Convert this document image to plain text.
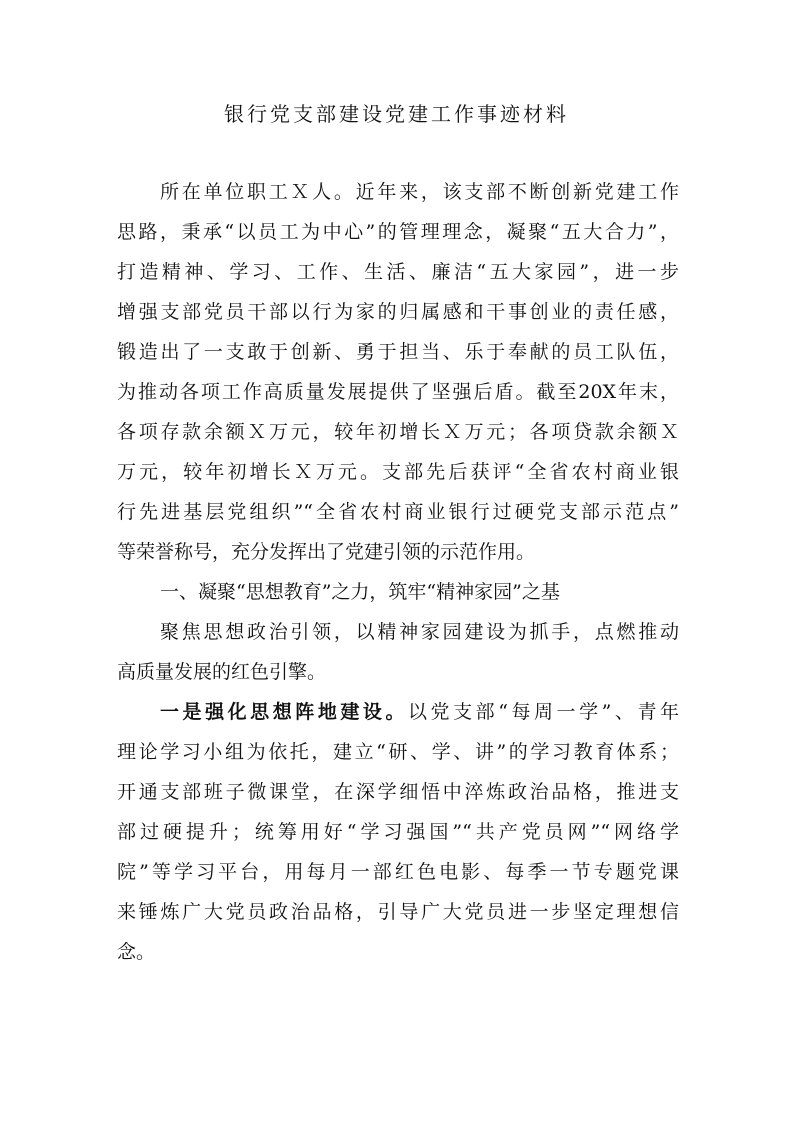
银行党支部建设党建工作事迹材料
所在单位职工Ｘ人。近年来，该支部不断创新党建工作
思路，秉承“以员工为中心”的管理理念，凝聚“五大合力”，
打造精神、学习、工作、生活、廉洁“五大家园”，进一步
增强支部党员干部以行为家的归属感和干事创业的责任感，
锻造出了一支敢于创新、勇于担当、乐于奉献的员工队伍，
为推动各项工作高质量发展提供了坚强后盾。截至20X年末，
各项存款余额Ｘ万元，较年初增长Ｘ万元；各项贷款余额Ｘ
万元，较年初增长Ｘ万元。支部先后获评“全省农村商业银
行先进基层党组织”“全省农村商业银行过硬党支部示范点”
等荣誉称号，充分发挥出了党建引领的示范作用。
一、凝聚“思想教育”之力，筑牢“精神家园”之基
聚焦思想政治引领，以精神家园建设为抓手，点燃推动
高质量发展的红色引擎。
一是强化思想阵地建设。以党支部“每周一学”、青年
理论学习小组为依托，建立“研、学、讲”的学习教育体系；
开通支部班子微课堂，在深学细悟中淬炼政治品格，推进支
部过硬提升；统筹用好“学习强国”“共产党员网”“网络学
院”等学习平台，用每月一部红色电影、每季一节专题党课
来锤炼广大党员政治品格，引导广大党员进一步坚定理想信
念。
